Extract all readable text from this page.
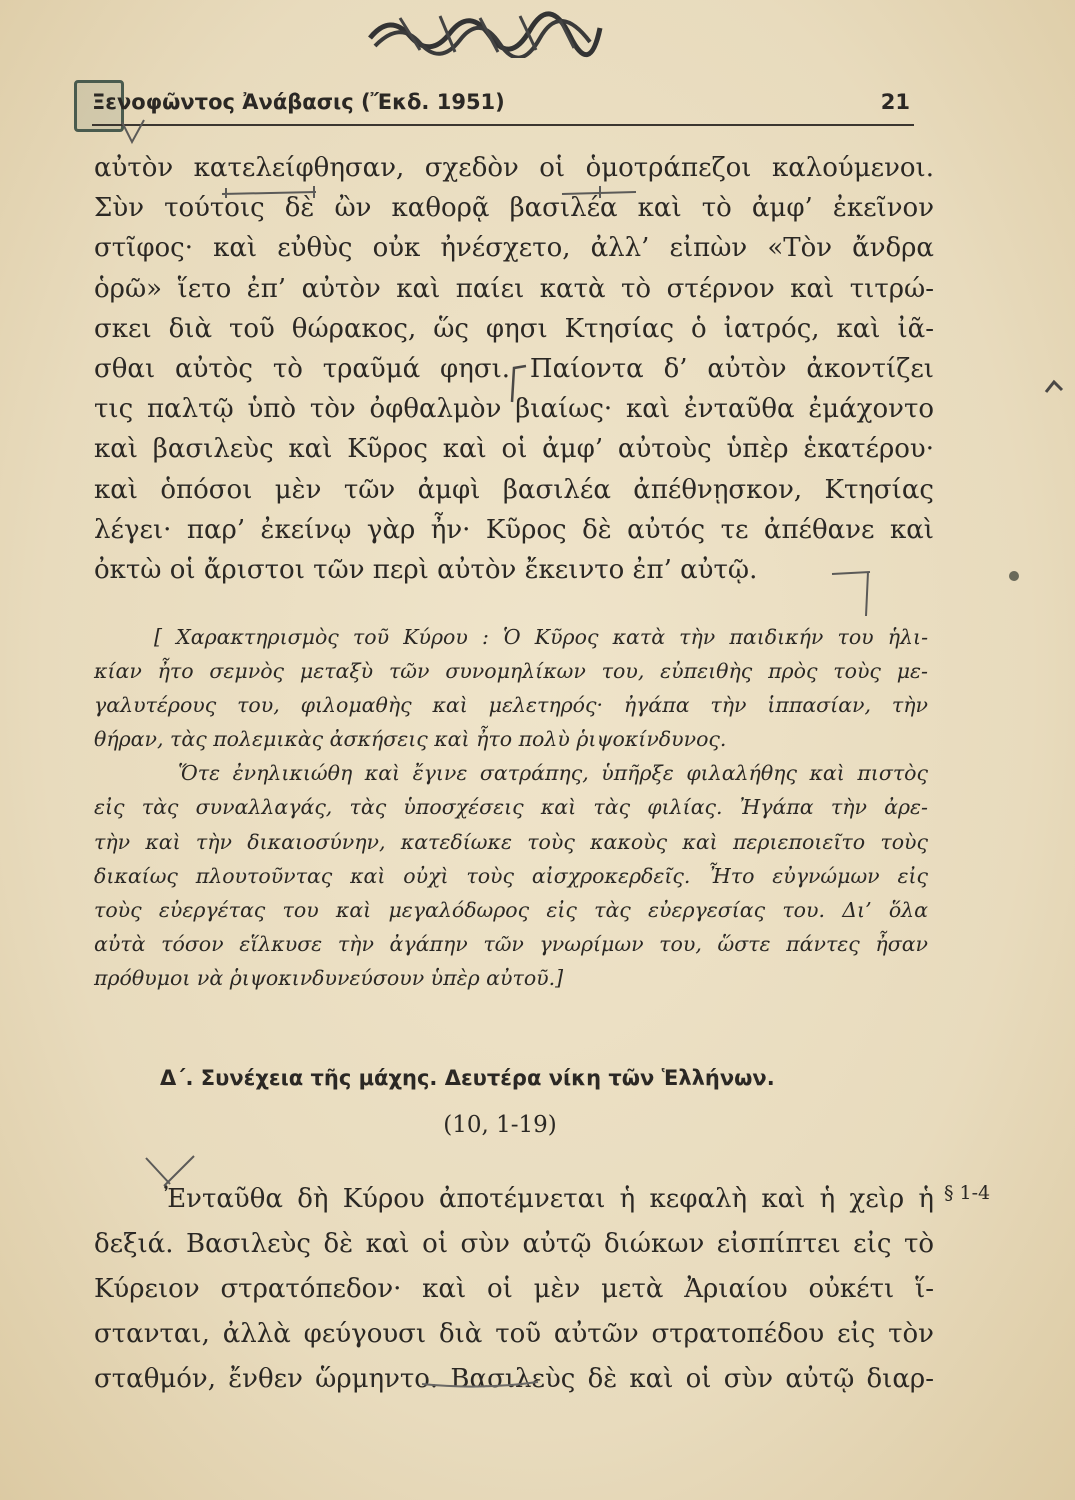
Ξενοφῶντος Ἀνάβασις (Ἔκδ. 1951)	21
αὐτὸν κατελείφθησαν, σχεδὸν οἱ ὁμοτράπεζοι καλούμενοι.
Σὺν τούτοις δὲ ὢν καθορᾷ βασιλέα καὶ τὸ ἀμφ’ ἐκεῖνον
στῖφος· καὶ εὐθὺς οὐκ ἠνέσχετο, ἀλλ’ εἰπὼν «Τὸν ἄνδρα
ὁρῶ» ἵετο ἐπ’ αὐτὸν καὶ παίει κατὰ τὸ στέρνον καὶ τιτρώ-
σκει διὰ τοῦ θώρακος, ὥς φησι Κτησίας ὁ ἰατρός, καὶ ἰᾶ-
σθαι αὐτὸς τὸ τραῦμά φησι. Παίοντα δ’ αὐτὸν ἀκοντίζει
τις παλτῷ ὑπὸ τὸν ὀφθαλμὸν βιαίως· καὶ ἐνταῦθα ἐμάχοντο
καὶ βασιλεὺς καὶ Κῦρος καὶ οἱ ἀμφ’ αὐτοὺς ὑπὲρ ἑκατέρου·
καὶ ὁπόσοι μὲν τῶν ἀμφὶ βασιλέα ἀπέθνῃσκον, Κτησίας
λέγει· παρ’ ἐκείνῳ γὰρ ἦν· Κῦρος δὲ αὐτός τε ἀπέθανε καὶ
ὀκτὼ οἱ ἄριστοι τῶν περὶ αὐτὸν ἔκειντο ἐπ’ αὐτῷ.
[ Χαρακτηρισμὸς τοῦ Κύρου : Ὁ Κῦρος κατὰ τὴν παιδικήν του ἡλι-
κίαν ἦτο σεμνὸς μεταξὺ τῶν συνομηλίκων του, εὐπειθὴς πρὸς τοὺς με-
γαλυτέρους του, φιλομαθὴς καὶ μελετηρός· ἠγάπα τὴν ἱππασίαν, τὴν
θήραν, τὰς πολεμικὰς ἀσκήσεις καὶ ἦτο πολὺ ῥιψοκίνδυνος.
Ὅτε ἐνηλικιώθη καὶ ἔγινε σατράπης, ὑπῆρξε φιλαλήθης καὶ πιστὸς
εἰς τὰς συναλλαγάς, τὰς ὑποσχέσεις καὶ τὰς φιλίας. Ἠγάπα τὴν ἀρε-
τὴν καὶ τὴν δικαιοσύνην, κατεδίωκε τοὺς κακοὺς καὶ περιεποιεῖτο τοὺς
δικαίως πλουτοῦντας καὶ οὐχὶ τοὺς αἰσχροκερδεῖς. Ἦτο εὐγνώμων εἰς
τοὺς εὐεργέτας του καὶ μεγαλόδωρος εἰς τὰς εὐεργεσίας του. Δι’ ὅλα
αὐτὰ τόσον εἵλκυσε τὴν ἀγάπην τῶν γνωρίμων του, ὥστε πάντες ἦσαν
πρόθυμοι νὰ ῥιψοκινδυνεύσουν ὑπὲρ αὐτοῦ.]
Δ΄. Συνέχεια τῆς μάχης. Δευτέρα νίκη τῶν Ἑλλήνων.
(10, 1-19)
Ἐνταῦθα δὴ Κύρου ἀποτέμνεται ἡ κεφαλὴ καὶ ἡ χεὶρ ἡ
δεξιά. Βασιλεὺς δὲ καὶ οἱ σὺν αὐτῷ διώκων εἰσπίπτει εἰς τὸ
Κύρειον στρατόπεδον· καὶ οἱ μὲν μετὰ Ἀριαίου οὐκέτι ἵ-
στανται, ἀλλὰ φεύγουσι διὰ τοῦ αὐτῶν στρατοπέδου εἰς τὸν
σταθμόν, ἔνθεν ὥρμηντο. Βασιλεὺς δὲ καὶ οἱ σὺν αὐτῷ διαρ-
§ 1-4
